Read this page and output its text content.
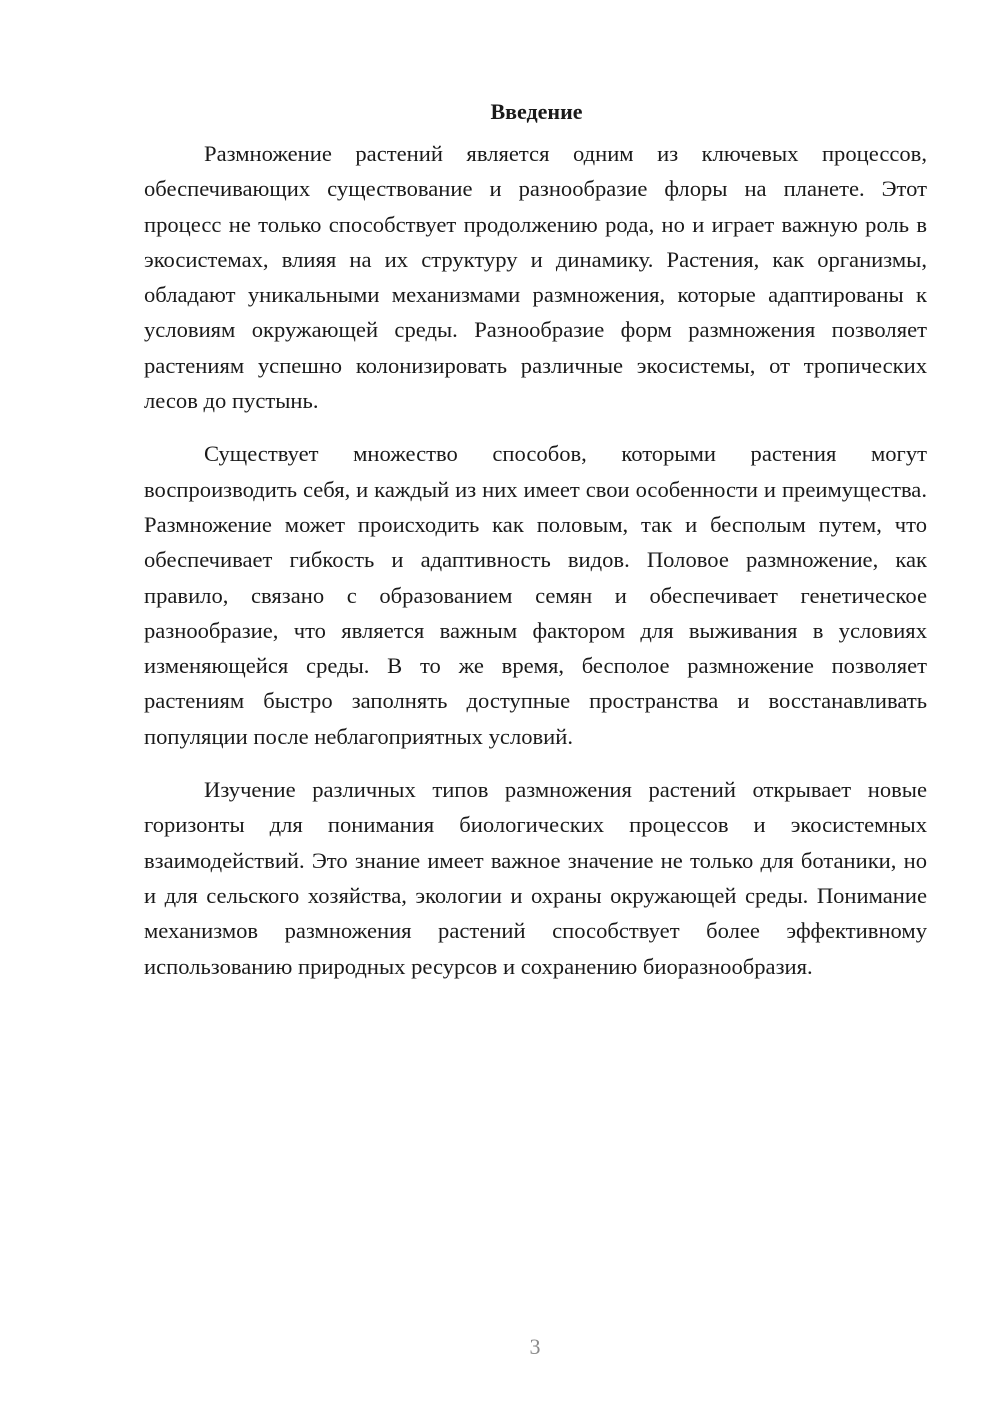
Введение

Размножение растений является одним из ключевых процессов, обеспечивающих существование и разнообразие флоры на планете. Этот процесс не только способствует продолжению рода, но и играет важную роль в экосистемах, влияя на их структуру и динамику. Растения, как организмы, обладают уникальными механизмами размножения, которые адаптированы к условиям окружающей среды. Разнообразие форм размножения позволяет растениям успешно колонизировать различные экосистемы, от тропических лесов до пустынь.

Существует множество способов, которыми растения могут воспроизводить себя, и каждый из них имеет свои особенности и преимущества. Размножение может происходить как половым, так и бесполым путем, что обеспечивает гибкость и адаптивность видов. Половое размножение, как правило, связано с образованием семян и обеспечивает генетическое разнообразие, что является важным фактором для выживания в условиях изменяющейся среды. В то же время, бесполое размножение позволяет растениям быстро заполнять доступные пространства и восстанавливать популяции после неблагоприятных условий.

Изучение различных типов размножения растений открывает новые горизонты для понимания биологических процессов и экосистемных взаимодействий. Это знание имеет важное значение не только для ботаники, но и для сельского хозяйства, экологии и охраны окружающей среды. Понимание механизмов размножения растений способствует более эффективному использованию природных ресурсов и сохранению биоразнообразия.

3
